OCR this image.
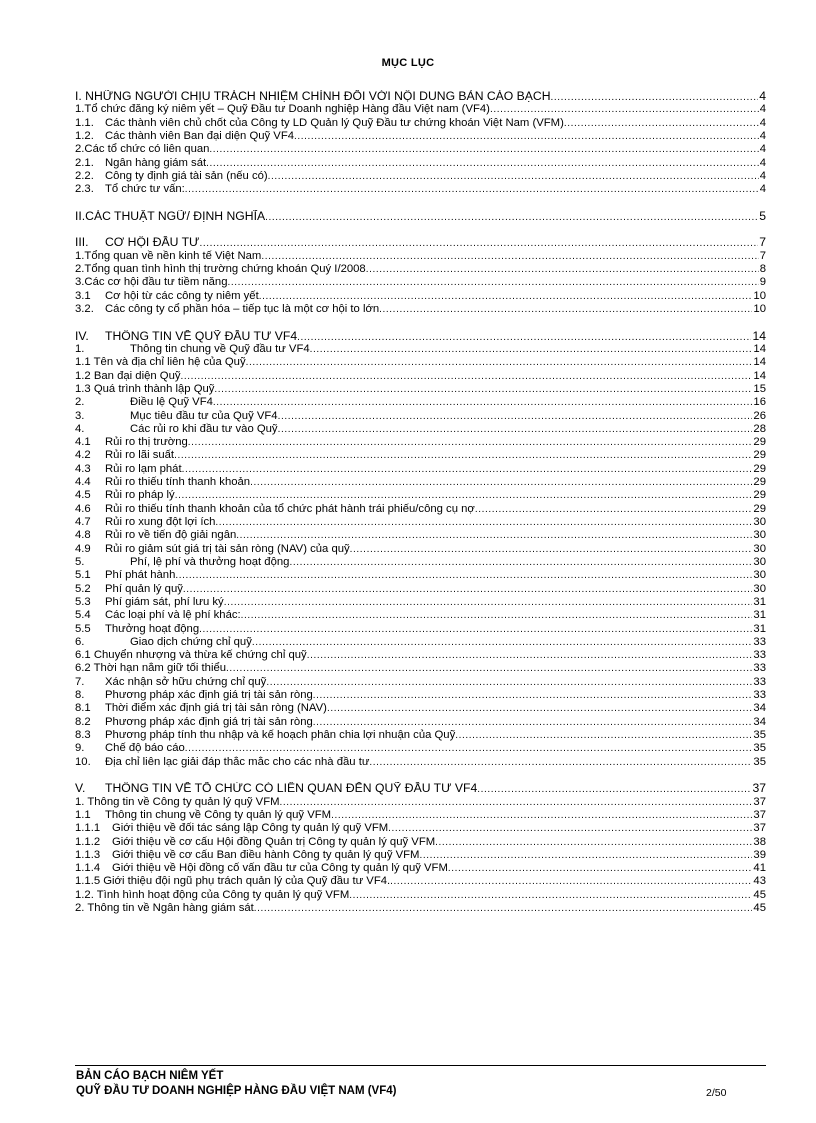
MỤC LỤC
I. NHỮNG NGƯỜI CHỊU TRÁCH NHIỆM CHÍNH ĐỐI VỚI NỘI DUNG BẢN CÁO BẠCH .....	4
1.Tổ chức đăng ký niêm yết – Quỹ Đầu tư Doanh nghiệp Hàng đầu Việt nam (VF4) .....	4
1.1. Các thành viên chủ chốt của Công ty LD Quản lý Quỹ Đầu tư chứng khoán Việt Nam (VFM) .....	4
1.2. Các thành viên Ban đại diện Quỹ VF4 .....	4
2.Các tổ chức có liên quan .....	4
2.1. Ngân hàng giám sát .....	4
2.2. Công ty định giá tài sản (nếu có) .....	4
2.3. Tổ chức tư vấn: .....	4
II.CÁC THUẬT NGỮ/ ĐỊNH NGHĨA .....	5
III.	CƠ HỘI ĐẦU TƯ .....	7
1.Tổng quan về nền kinh tế Việt Nam .....	7
2.Tổng quan tình hình thị trường chứng khoán Quý I/2008 .....	8
3.Các cơ hội đầu tư tiềm năng .....	9
3.1	Cơ hội từ các công ty niêm yết .....	10
3.2. Các công ty cổ phần hóa – tiếp tục là một cơ hội to lớn .....	10
IV.	THÔNG TIN VỀ QUỸ ĐẦU TƯ VF4 .....	14
1.	Thông tin chung về Quỹ đầu tư VF4 .....	14
1.1 Tên và địa chỉ liên hệ của Quỹ .....	14
1.2 Ban đại diện Quỹ .....	14
1.3 Quá trình thành lập Quỹ .....	15
2.	Điều lệ Quỹ VF4 .....	16
3.	Mục tiêu đầu tư của Quỹ VF4 .....	26
4.	Các rủi ro khi đầu tư vào Quỹ .....	28
4.1	Rủi ro thị trường .....	29
4.2	Rủi ro lãi suất .....	29
4.3	Rủi ro lạm phát .....	29
4.4	Rủi ro thiếu tính thanh khoản .....	29
4.5	Rủi ro pháp lý .....	29
4.6	Rủi ro thiếu tính thanh khoản của tổ chức phát hành trái phiếu/công cụ nợ .....	29
4.7	Rủi ro xung đột lợi ích .....	30
4.8	Rủi ro về tiến độ giải ngân .....	30
4.9	Rủi ro giảm sút giá trị tài sản ròng (NAV) của quỹ .....	30
5.	Phí, lệ phí và thưởng hoạt động .....	30
5.1	Phí phát hành .....	30
5.2	Phí quản lý quỹ .....	30
5.3	Phí giám sát, phí lưu ký .....	31
5.4	Các loại phí và lệ phí khác: .....	31
5.5	Thưởng hoạt động .....	31
6.	Giao dịch chứng chỉ quỹ .....	33
6.1 Chuyển nhượng và thừa kế chứng chỉ quỹ .....	33
6.2 Thời hạn nắm giữ tối thiểu .....	33
7.	Xác nhận sở hữu chứng chỉ quỹ .....	33
8.	Phương pháp xác định giá trị tài sản ròng .....	33
8.1	Thời điểm xác định giá trị tài sản ròng (NAV) .....	34
8.2	Phương pháp xác định giá trị tài sản ròng .....	34
8.3	Phương pháp tính thu nhập và kế hoạch phân chia lợi nhuận của Quỹ .....	35
9.	Chế độ báo cáo .....	35
10.	Địa chỉ liên lạc giải đáp thắc mắc cho các nhà đầu tư .....	35
V.	THÔNG TIN VỀ TỔ CHỨC CÓ LIÊN QUAN ĐẾN QUỸ ĐẦU TƯ VF4 .....	37
1. Thông tin về Công ty quản lý quỹ VFM .....	37
1.1	Thông tin chung về Công ty quản lý quỹ VFM .....	37
1.1.1	Giới thiệu về đối tác sáng lập Công ty quản lý quỹ VFM .....	37
1.1.2	Giới thiệu về cơ cấu Hội đồng Quản trị Công ty quản lý quỹ VFM .....	38
1.1.3	Giới thiệu về cơ cấu Ban điều hành Công ty quản lý quỹ VFM .....	39
1.1.4	Giới thiệu về Hội đồng cố vấn đầu tư của Công ty quản lý quỹ VFM .....	41
1.1.5 Giới thiệu đội ngũ phụ trách quản lý của Quỹ đầu tư VF4. .....	43
1.2. Tình hình hoạt động của Công ty quản lý quỹ VFM .....	45
2. Thông tin về Ngân hàng giám sát .....	45
BẢN CÁO BẠCH NIÊM YẾT
QUỸ ĐẦU TƯ DOANH NGHIỆP HÀNG ĐẦU VIỆT NAM (VF4)	2/50
